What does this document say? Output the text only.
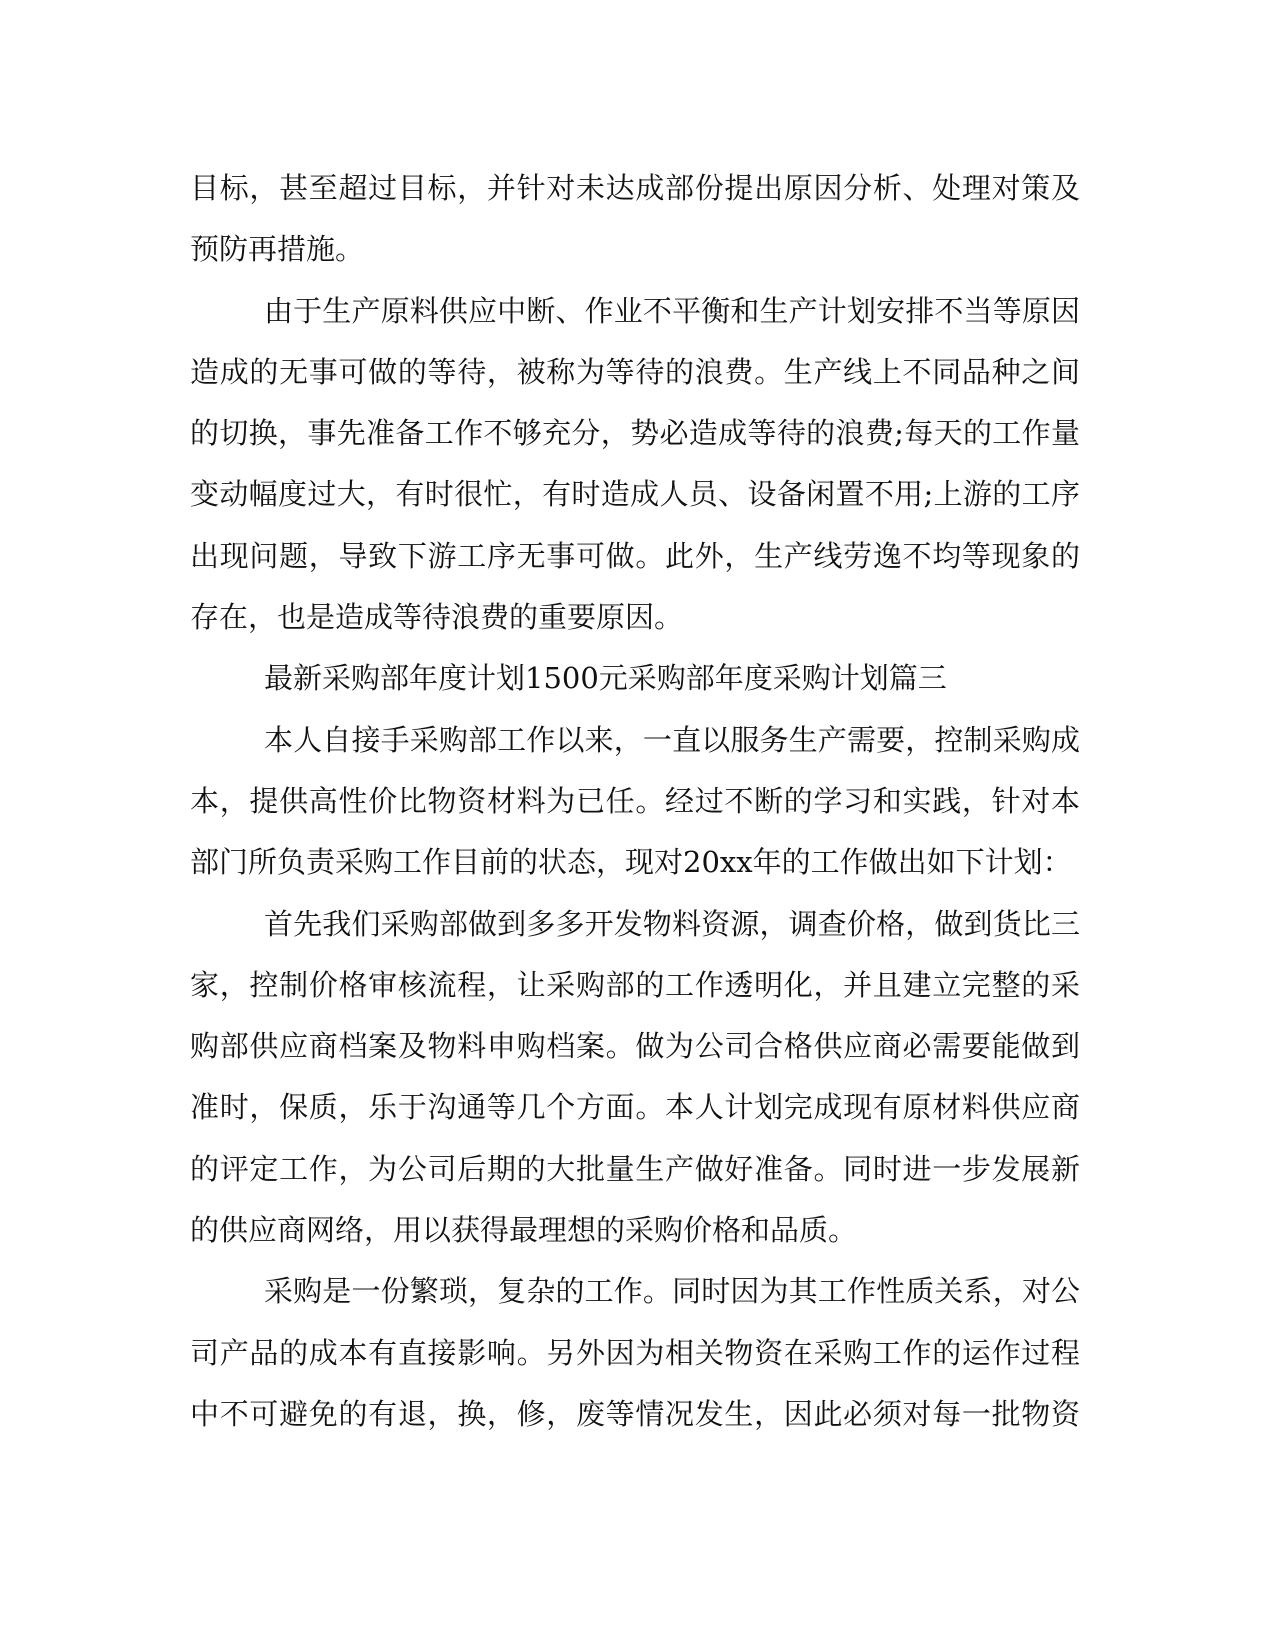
目标，甚至超过目标，并针对未达成部份提出原因分析、处理对策及
预防再措施。
由于生产原料供应中断、作业不平衡和生产计划安排不当等原因
造成的无事可做的等待，被称为等待的浪费。生产线上不同品种之间
的切换，事先准备工作不够充分，势必造成等待的浪费;每天的工作量
变动幅度过大，有时很忙，有时造成人员、设备闲置不用;上游的工序
出现问题，导致下游工序无事可做。此外，生产线劳逸不均等现象的
存在，也是造成等待浪费的重要原因。
最新采购部年度计划1500元采购部年度采购计划篇三
本人自接手采购部工作以来，一直以服务生产需要，控制采购成
本，提供高性价比物资材料为已任。经过不断的学习和实践，针对本
部门所负责采购工作目前的状态，现对20xx年的工作做出如下计划：
首先我们采购部做到多多开发物料资源，调查价格，做到货比三
家，控制价格审核流程，让采购部的工作透明化，并且建立完整的采
购部供应商档案及物料申购档案。做为公司合格供应商必需要能做到
准时，保质，乐于沟通等几个方面。本人计划完成现有原材料供应商
的评定工作，为公司后期的大批量生产做好准备。同时进一步发展新
的供应商网络，用以获得最理想的采购价格和品质。
采购是一份繁琐，复杂的工作。同时因为其工作性质关系，对公
司产品的成本有直接影响。另外因为相关物资在采购工作的运作过程
中不可避免的有退，换，修，废等情况发生，因此必须对每一批物资
